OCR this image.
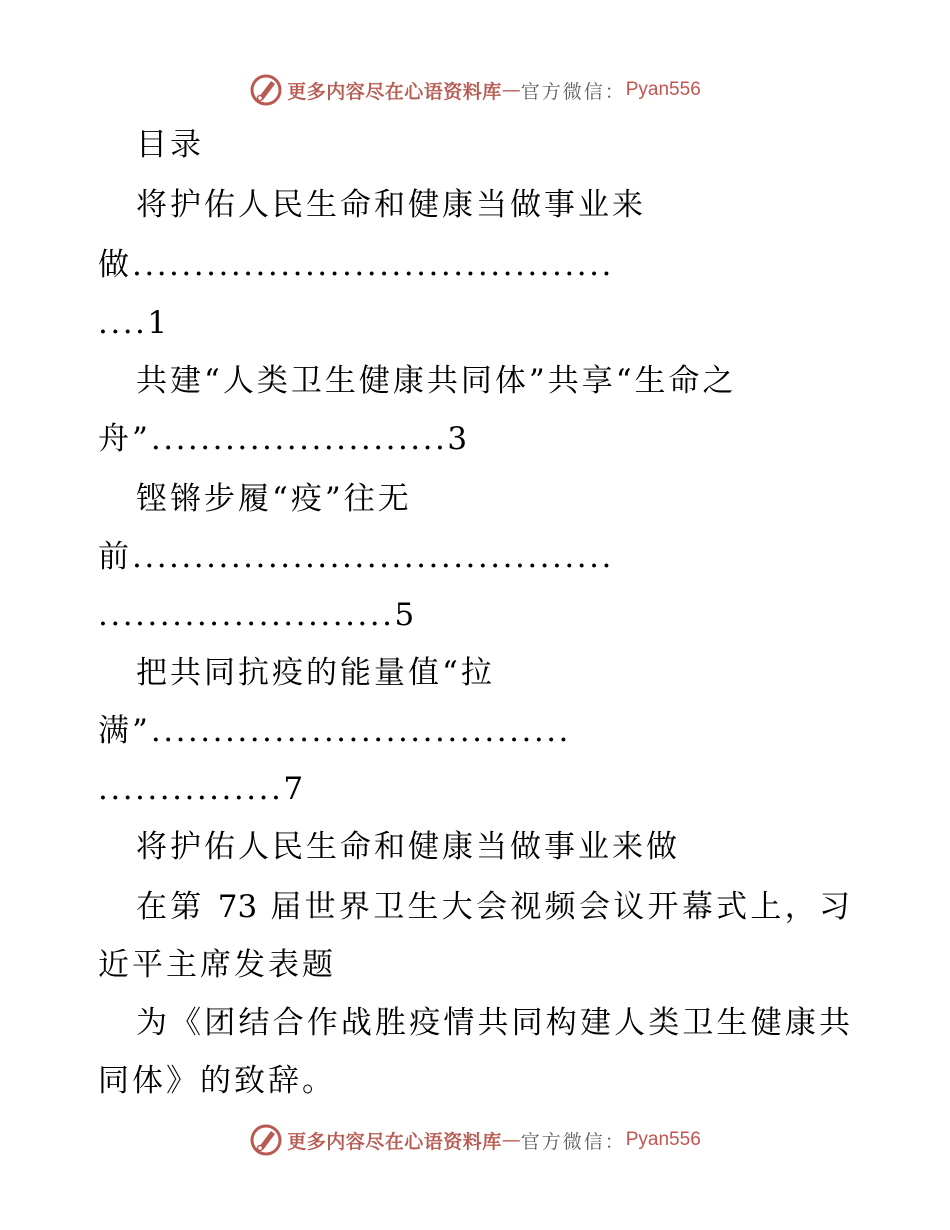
更多内容尽在心语资料库 — 官方微信： Pyan556
目录
将护佑人民生命和健康当做事业来
做.......................................
....1
共建“人类卫生健康共同体”共享“生命之
舟”........................3
铿锵步履“疫”往无
前.......................................
........................5
把共同抗疫的能量值“拉
满”..................................
...............7
将护佑人民生命和健康当做事业来做
在第 73 届世界卫生大会视频会议开幕式上，习
近平主席发表题
为《团结合作战胜疫情共同构建人类卫生健康共
同体》的致辞。
更多内容尽在心语资料库 — 官方微信： Pyan556
